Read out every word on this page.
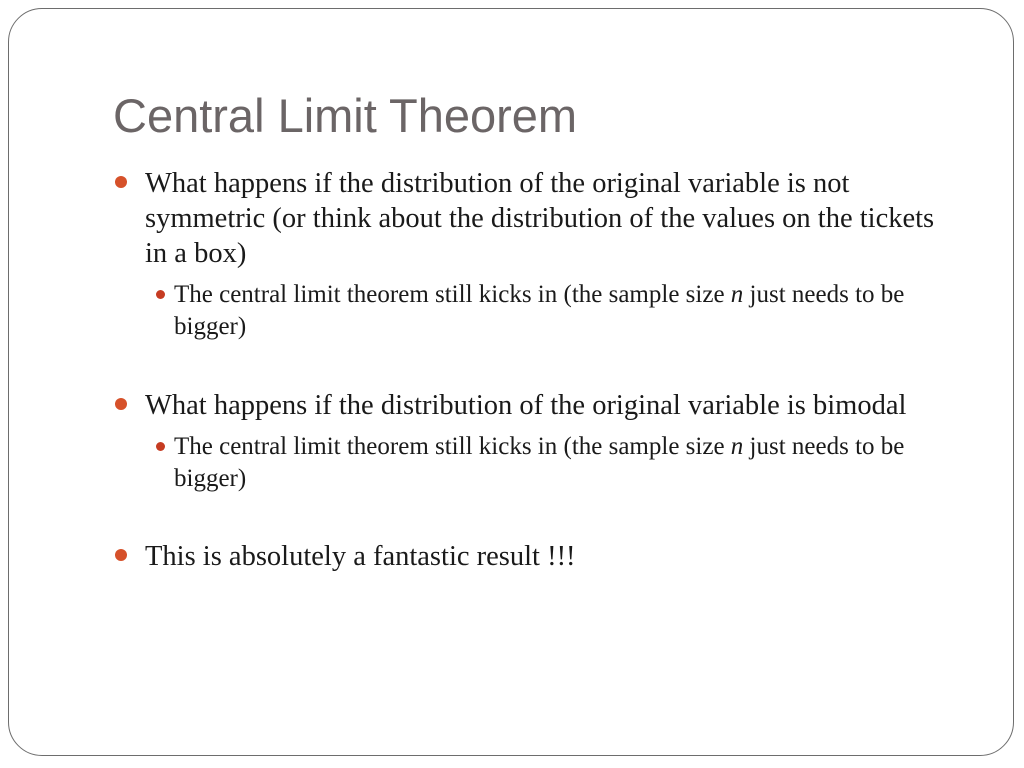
Central Limit Theorem
What happens if the distribution of the original variable is not symmetric (or think about the distribution of the values on the tickets in a box)
The central limit theorem still kicks in (the sample size n just needs to be bigger)
What happens if the distribution of the original variable is bimodal
The central limit theorem still kicks in (the sample size n just needs to be bigger)
This is absolutely a fantastic result !!!
